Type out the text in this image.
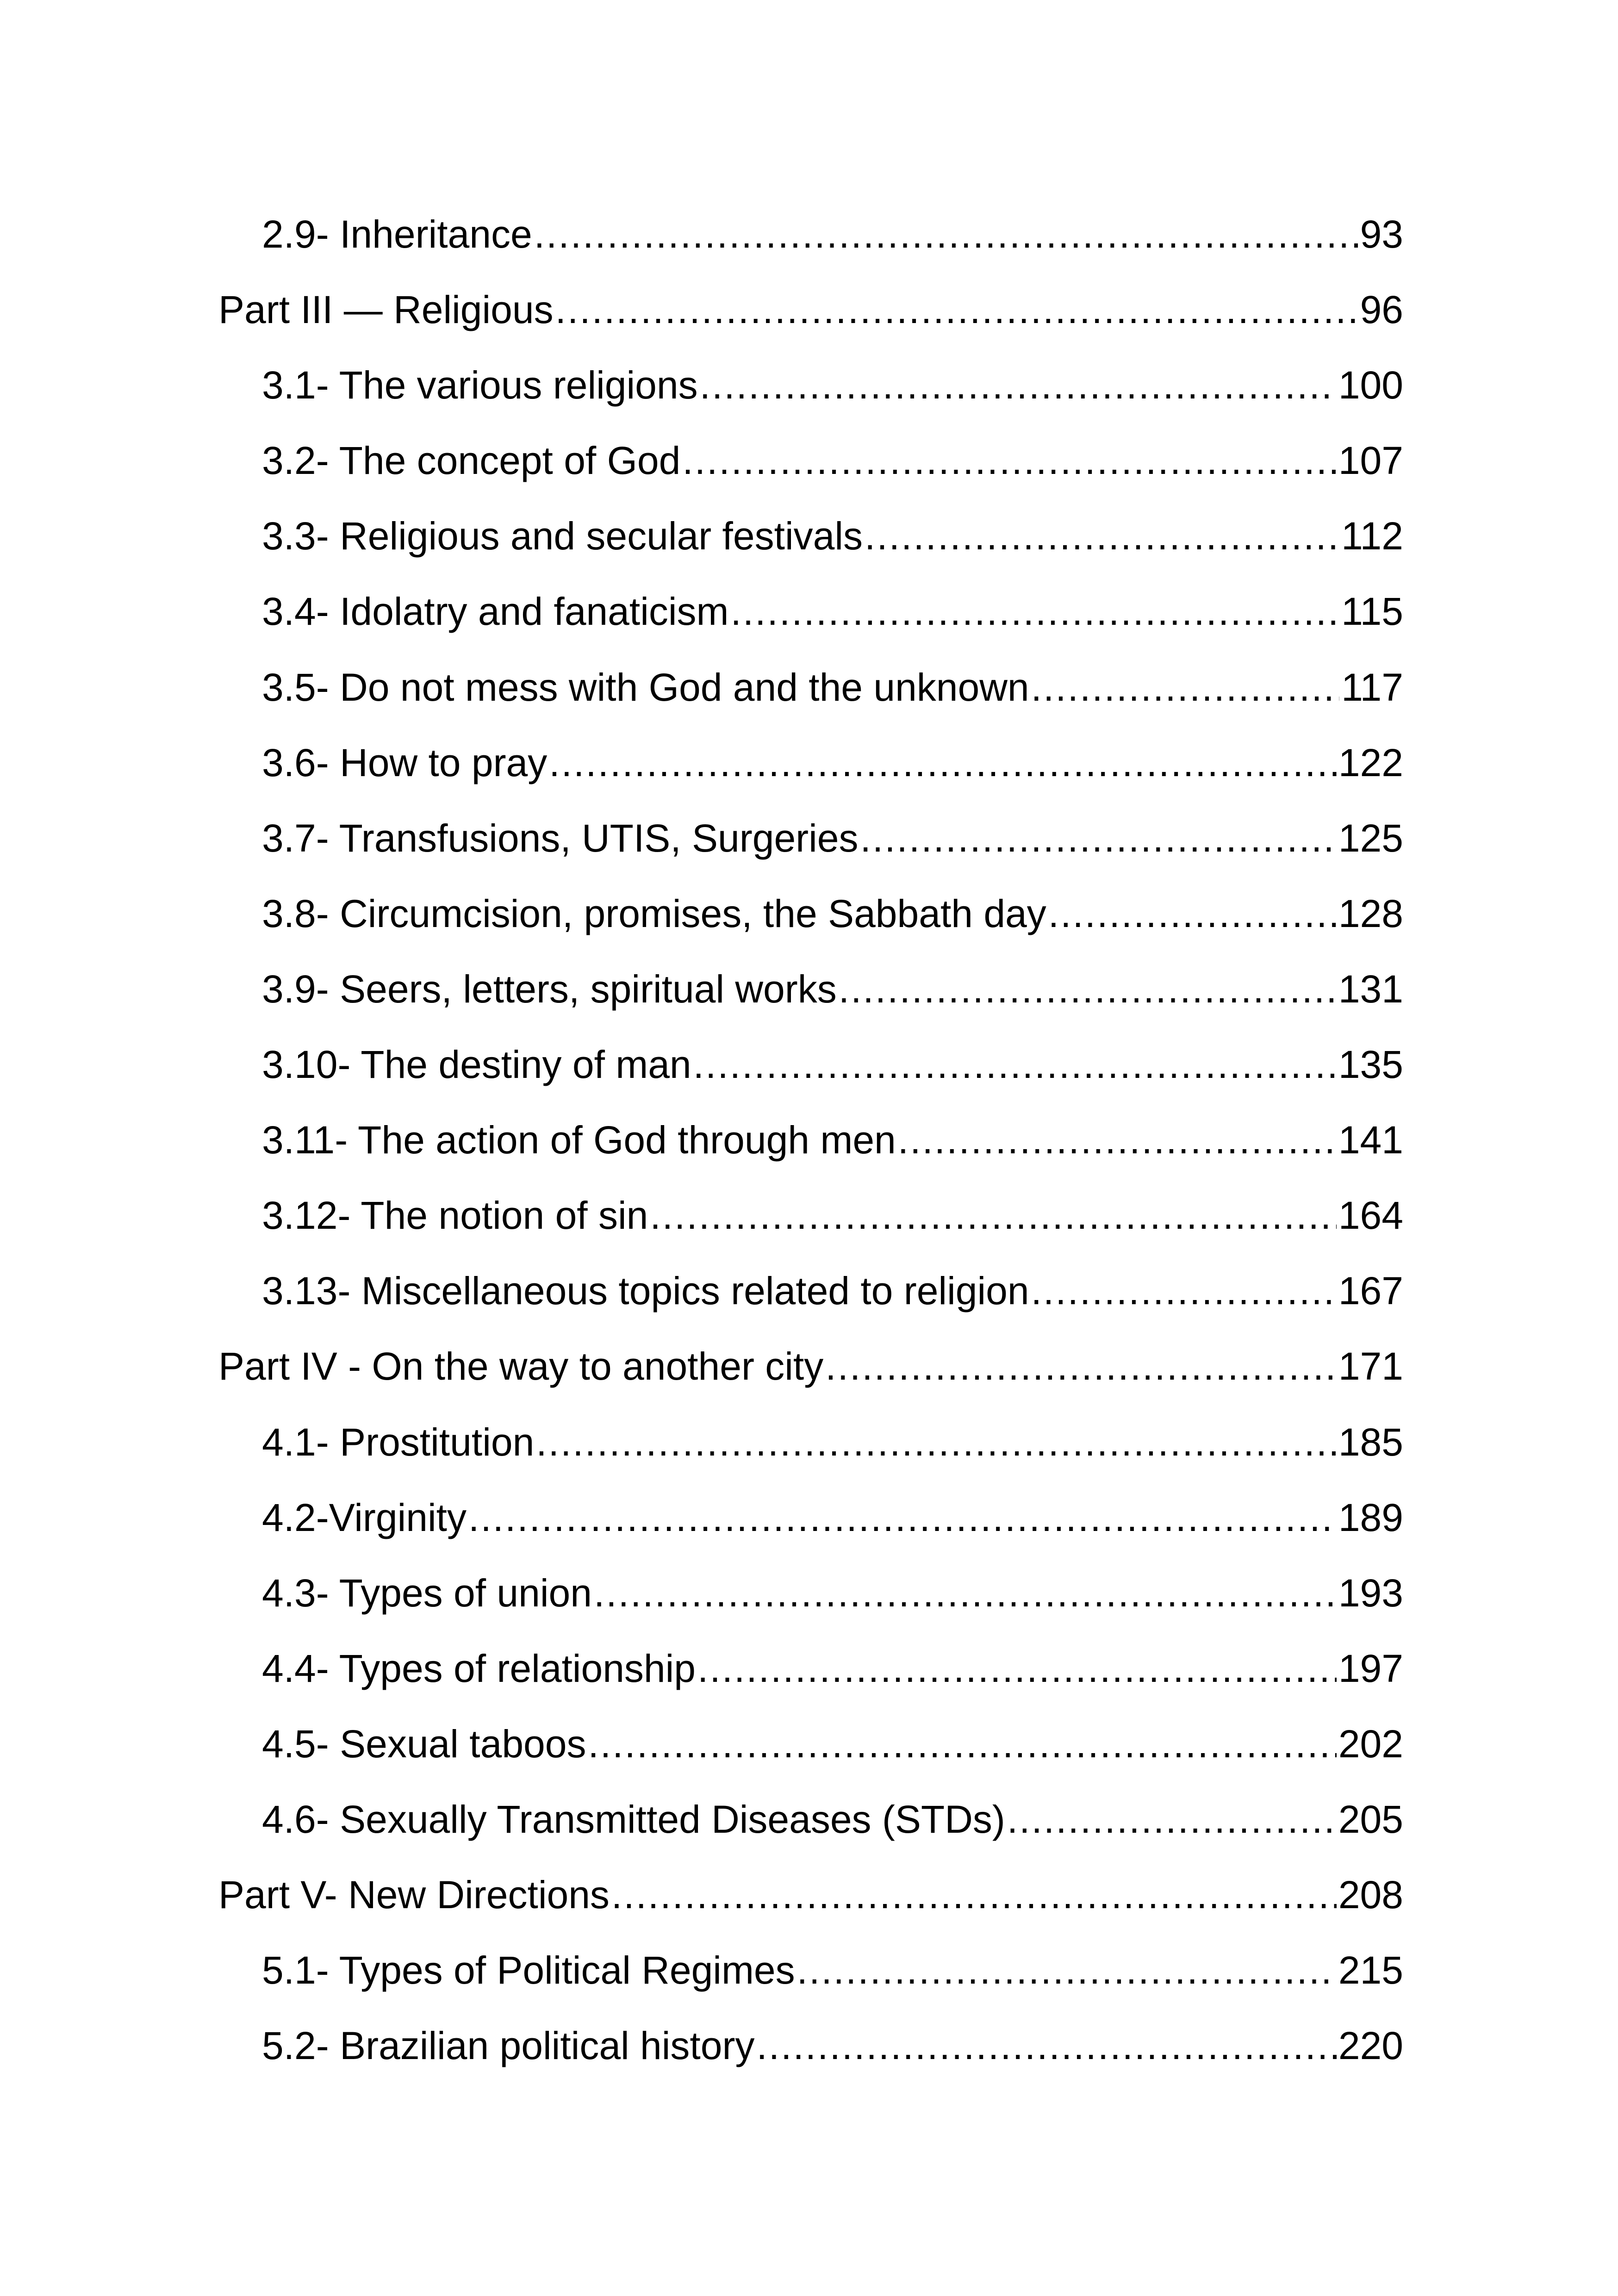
2.9- Inheritance .....	93
Part III — Religious .....	96
3.1- The various religions .....	100
3.2- The concept of God .....	107
3.3- Religious and secular festivals .....	112
3.4- Idolatry and fanaticism .....	115
3.5- Do not mess with God and the unknown .....	117
3.6- How to pray .....	122
3.7- Transfusions, UTIS, Surgeries .....	125
3.8- Circumcision, promises, the Sabbath day .....	128
3.9- Seers, letters, spiritual works .....	131
3.10- The destiny of man .....	135
3.11- The action of God through men .....	141
3.12- The notion of sin .....	164
3.13- Miscellaneous topics related to religion .....	167
Part IV - On the way to another city .....	171
4.1- Prostitution .....	185
4.2-Virginity .....	189
4.3- Types of union .....	193
4.4- Types of relationship .....	197
4.5- Sexual taboos .....	202
4.6- Sexually Transmitted Diseases (STDs) .....	205
Part V- New Directions .....	208
5.1- Types of Political Regimes .....	215
5.2- Brazilian political history .....	220
